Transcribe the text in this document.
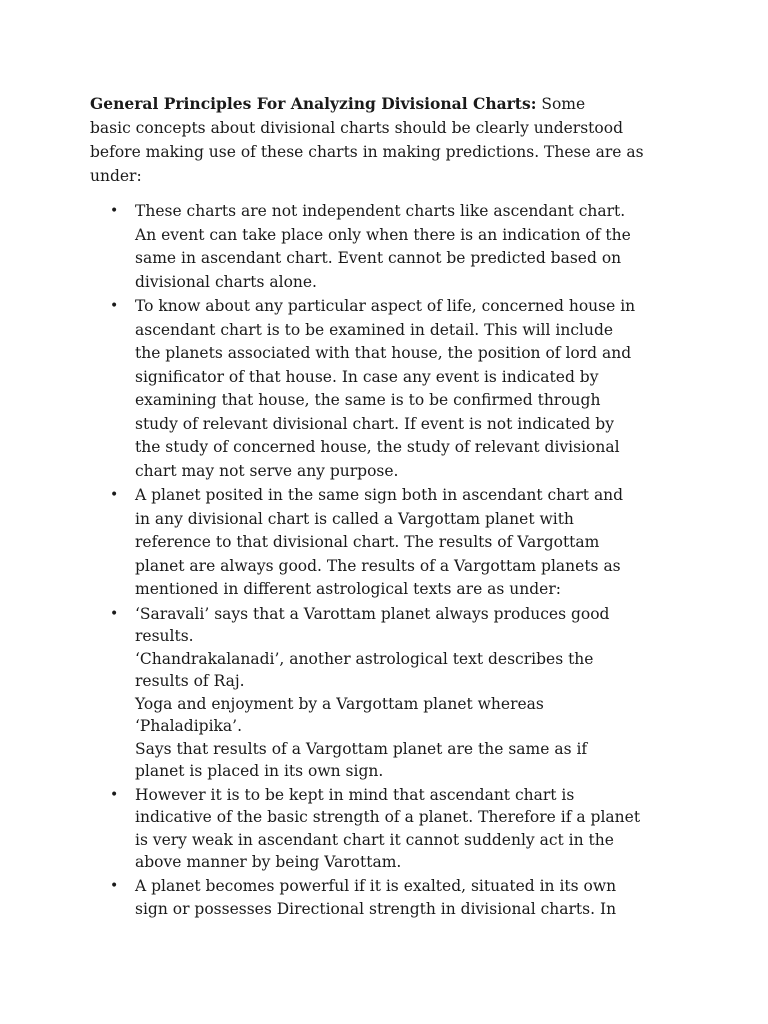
General Principles For Analyzing Divisional Charts: Some
basic concepts about divisional charts should be clearly understood
before making use of these charts in making predictions. These are as
under:

• These charts are not independent charts like ascendant chart.
An event can take place only when there is an indication of the
same in ascendant chart. Event cannot be predicted based on
divisional charts alone.
• To know about any particular aspect of life, concerned house in
ascendant chart is to be examined in detail. This will include
the planets associated with that house, the position of lord and
significator of that house. In case any event is indicated by
examining that house, the same is to be confirmed through
study of relevant divisional chart. If event is not indicated by
the study of concerned house, the study of relevant divisional
chart may not serve any purpose.
• A planet posited in the same sign both in ascendant chart and
in any divisional chart is called a Vargottam planet with
reference to that divisional chart. The results of Vargottam
planet are always good. The results of a Vargottam planets as
mentioned in different astrological texts are as under:
• ‘Saravali’ says that a Varottam planet always produces good
results.
‘Chandrakalanadi’, another astrological text describes the
results of Raj.
Yoga and enjoyment by a Vargottam planet whereas
‘Phaladipika’.
Says that results of a Vargottam planet are the same as if
planet is placed in its own sign.
• However it is to be kept in mind that ascendant chart is
indicative of the basic strength of a planet. Therefore if a planet
is very weak in ascendant chart it cannot suddenly act in the
above manner by being Varottam.
• A planet becomes powerful if it is exalted, situated in its own
sign or possesses Directional strength in divisional charts. In
